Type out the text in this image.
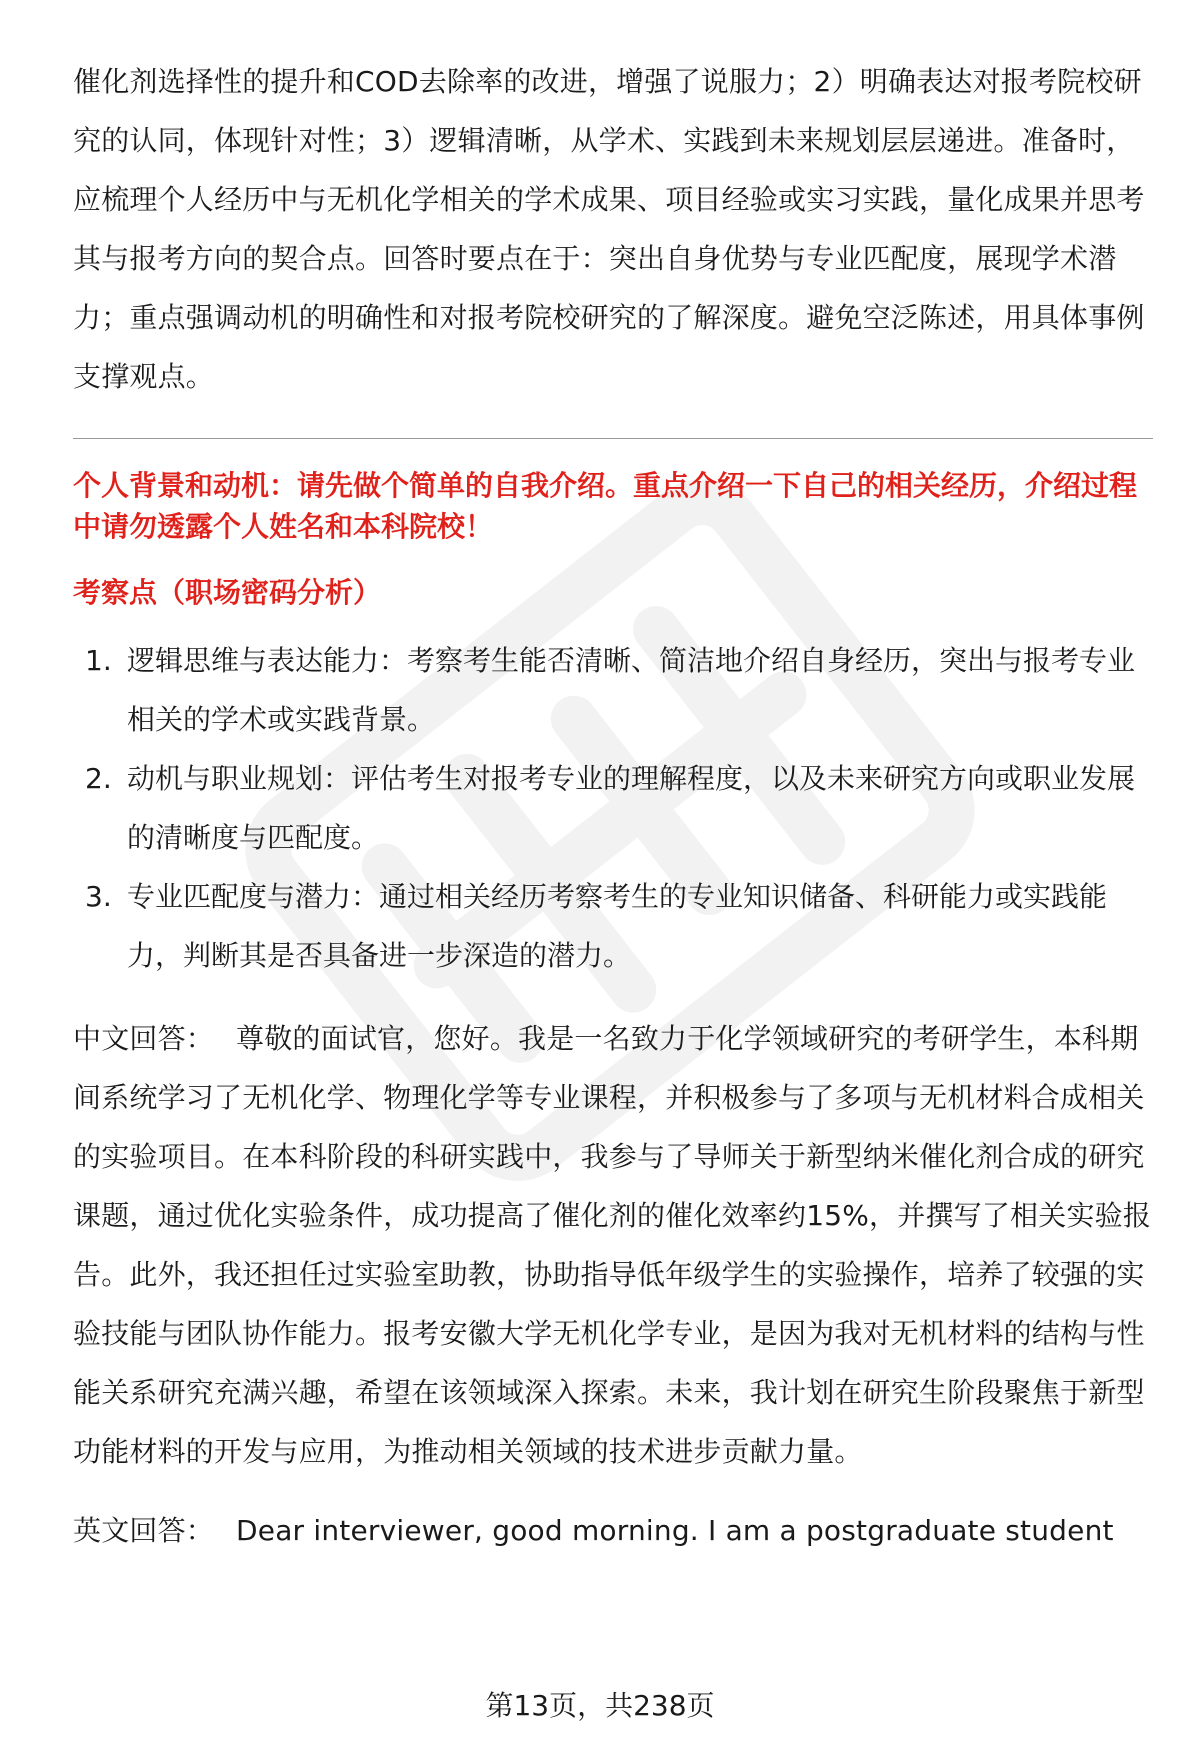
催化剂选择性的提升和COD去除率的改进，增强了说服力；2）明确表达对报考院校研究的认同，体现针对性；3）逻辑清晰，从学术、实践到未来规划层层递进。准备时，应梳理个人经历中与无机化学相关的学术成果、项目经验或实习实践，量化成果并思考其与报考方向的契合点。回答时要点在于：突出自身优势与专业匹配度，展现学术潜力；重点强调动机的明确性和对报考院校研究的了解深度。避免空泛陈述，用具体事例支撑观点。

个人背景和动机：请先做个简单的自我介绍。重点介绍一下自己的相关经历，介绍过程中请勿透露个人姓名和本科院校！

考察点（职场密码分析）

1. 逻辑思维与表达能力：考察考生能否清晰、简洁地介绍自身经历，突出与报考专业相关的学术或实践背景。
2. 动机与职业规划：评估考生对报考专业的理解程度，以及未来研究方向或职业发展的清晰度与匹配度。
3. 专业匹配度与潜力：通过相关经历考察考生的专业知识储备、科研能力或实践能力，判断其是否具备进一步深造的潜力。

中文回答： 尊敬的面试官，您好。我是一名致力于化学领域研究的考研学生，本科期间系统学习了无机化学、物理化学等专业课程，并积极参与了多项与无机材料合成相关的实验项目。在本科阶段的科研实践中，我参与了导师关于新型纳米催化剂合成的研究课题，通过优化实验条件，成功提高了催化剂的催化效率约15%，并撰写了相关实验报告。此外，我还担任过实验室助教，协助指导低年级学生的实验操作，培养了较强的实验技能与团队协作能力。报考安徽大学无机化学专业，是因为我对无机材料的结构与性能关系研究充满兴趣，希望在该领域深入探索。未来，我计划在研究生阶段聚焦于新型功能材料的开发与应用，为推动相关领域的技术进步贡献力量。

英文回答： Dear interviewer, good morning. I am a postgraduate student

第13页，共238页
